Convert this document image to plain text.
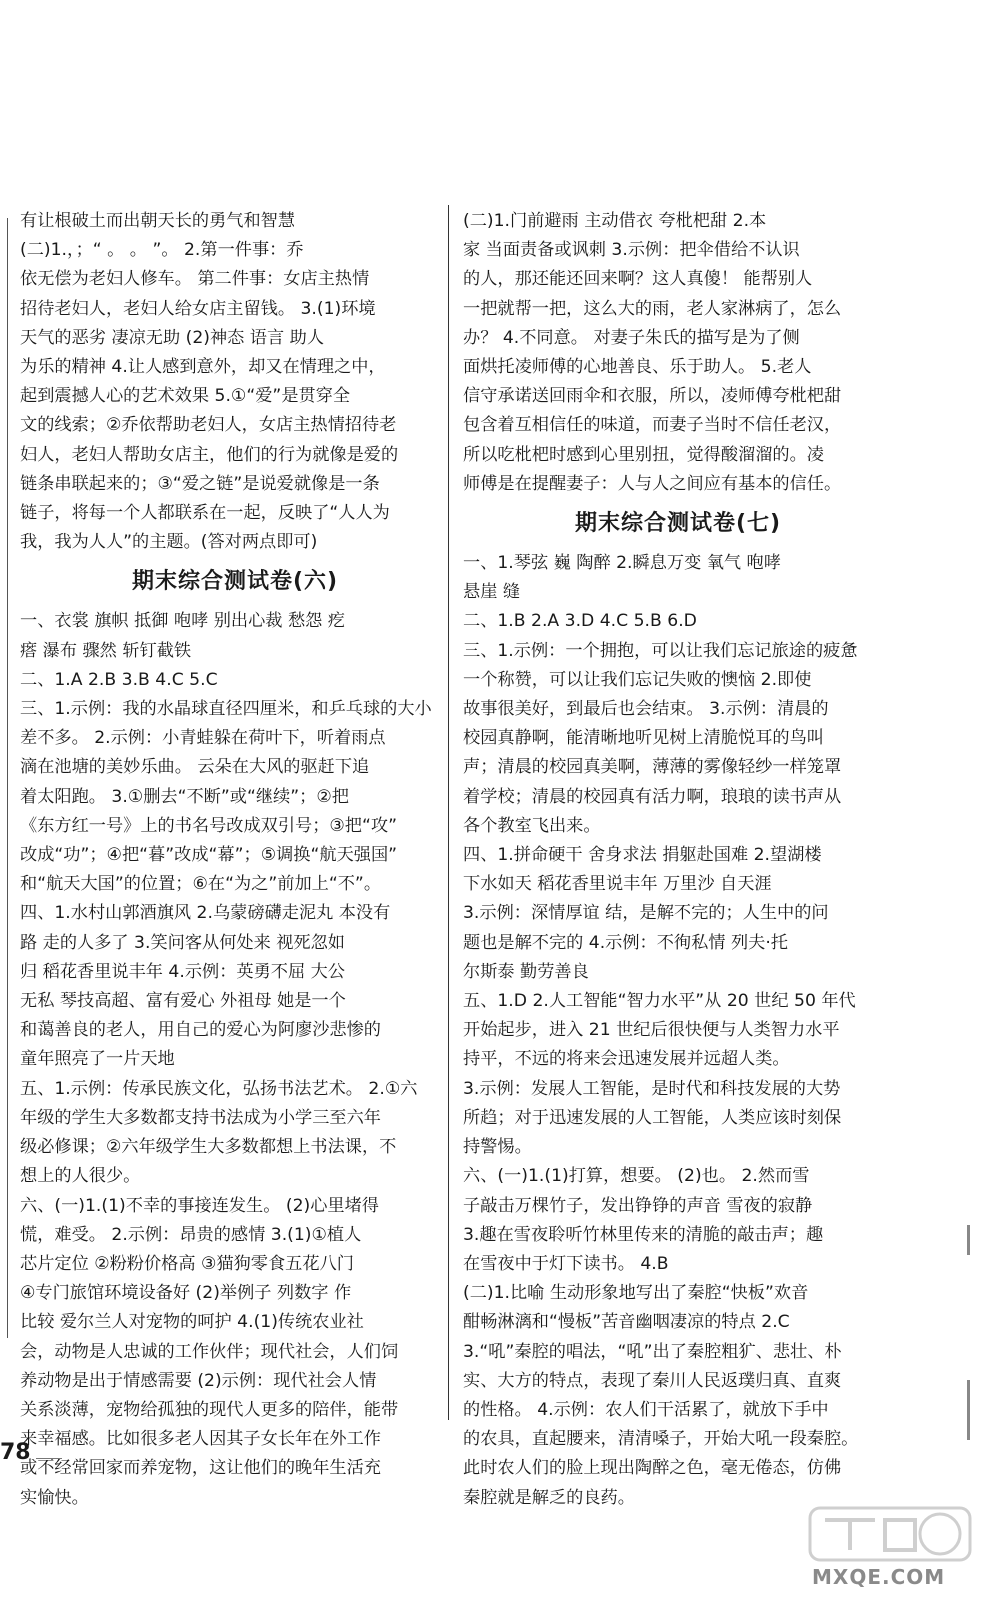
有让根破土而出朝天长的勇气和智慧
(二)1.，；“ 。 。 ”。 2.第一件事：乔
依无偿为老妇人修车。 第二件事：女店主热情
招待老妇人，老妇人给女店主留钱。 3.(1)环境
天气的恶劣 凄凉无助 (2)神态 语言 助人
为乐的精神 4.让人感到意外，却又在情理之中，
起到震撼人心的艺术效果 5.①“爱”是贯穿全
文的线索；②乔依帮助老妇人，女店主热情招待老
妇人，老妇人帮助女店主，他们的行为就像是爱的
链条串联起来的；③“爱之链”是说爱就像是一条
链子，将每一个人都联系在一起，反映了“人人为
我，我为人人”的主题。(答对两点即可)
期末综合测试卷(六)
一、衣裳 旗帜 抵御 咆哮 别出心裁 愁怨 疙
瘩 瀑布 骤然 斩钉截铁
二、1.A 2.B 3.B 4.C 5.C
三、1.示例：我的水晶球直径四厘米，和乒乓球的大小
差不多。 2.示例：小青蛙躲在荷叶下，听着雨点
滴在池塘的美妙乐曲。 云朵在大风的驱赶下追
着太阳跑。 3.①删去“不断”或“继续”；②把
《东方红一号》上的书名号改成双引号；③把“攻”
改成“功”；④把“暮”改成“幕”；⑤调换“航天强国”
和“航天大国”的位置；⑥在“为之”前加上“不”。
四、1.水村山郭酒旗风 2.乌蒙磅礴走泥丸 本没有
路 走的人多了 3.笑问客从何处来 视死忽如
归 稻花香里说丰年 4.示例：英勇不屈 大公
无私 琴技高超、富有爱心 外祖母 她是一个
和蔼善良的老人，用自己的爱心为阿廖沙悲惨的
童年照亮了一片天地
五、1.示例：传承民族文化，弘扬书法艺术。 2.①六
年级的学生大多数都支持书法成为小学三至六年
级必修课；②六年级学生大多数都想上书法课，不
想上的人很少。
六、(一)1.(1)不幸的事接连发生。 (2)心里堵得
慌，难受。 2.示例：昂贵的感情 3.(1)①植人
芯片定位 ②粉粉价格高 ③猫狗零食五花八门
④专门旅馆环境设备好 (2)举例子 列数字 作
比较 爱尔兰人对宠物的呵护 4.(1)传统农业社
会，动物是人忠诚的工作伙伴；现代社会，人们饲
养动物是出于情感需要 (2)示例：现代社会人情
关系淡薄，宠物给孤独的现代人更多的陪伴，能带
来幸福感。比如很多老人因其子女长年在外工作
或不经常回家而养宠物，这让他们的晚年生活充
实愉快。
(二)1.门前避雨 主动借衣 夸枇杷甜 2.本
家 当面责备或讽刺 3.示例：把伞借给不认识
的人，那还能还回来啊？这人真傻！ 能帮别人
一把就帮一把，这么大的雨，老人家淋病了，怎么
办？ 4.不同意。 对妻子朱氏的描写是为了侧
面烘托凌师傅的心地善良、乐于助人。 5.老人
信守承诺送回雨伞和衣服，所以，凌师傅夸枇杷甜
包含着互相信任的味道，而妻子当时不信任老汉，
所以吃枇杷时感到心里别扭，觉得酸溜溜的。凌
师傅是在提醒妻子：人与人之间应有基本的信任。
期末综合测试卷(七)
一、1.琴弦 巍 陶醉 2.瞬息万变 氧气 咆哮
悬崖 缝
二、1.B 2.A 3.D 4.C 5.B 6.D
三、1.示例：一个拥抱，可以让我们忘记旅途的疲惫
一个称赞，可以让我们忘记失败的懊恼 2.即使
故事很美好，到最后也会结束。 3.示例：清晨的
校园真静啊，能清晰地听见树上清脆悦耳的鸟叫
声；清晨的校园真美啊，薄薄的雾像轻纱一样笼罩
着学校；清晨的校园真有活力啊，琅琅的读书声从
各个教室飞出来。
四、1.拼命硬干 舍身求法 捐躯赴国难 2.望湖楼
下水如天 稻花香里说丰年 万里沙 自天涯
3.示例：深情厚谊 结，是解不完的；人生中的问
题也是解不完的 4.示例：不徇私情 列夫·托
尔斯泰 勤劳善良
五、1.D 2.人工智能“智力水平”从 20 世纪 50 年代
开始起步，进入 21 世纪后很快便与人类智力水平
持平，不远的将来会迅速发展并远超人类。
3.示例：发展人工智能，是时代和科技发展的大势
所趋；对于迅速发展的人工智能，人类应该时刻保
持警惕。
六、(一)1.(1)打算，想要。 (2)也。 2.然而雪
子敲击万棵竹子，发出铮铮的声音 雪夜的寂静
3.趣在雪夜聆听竹林里传来的清脆的敲击声；趣
在雪夜中于灯下读书。 4.B
(二)1.比喻 生动形象地写出了秦腔“快板”欢音
酣畅淋漓和“慢板”苦音幽咽凄凉的特点 2.C
3.“吼”秦腔的唱法，“吼”出了秦腔粗犷、悲壮、朴
实、大方的特点，表现了秦川人民返璞归真、直爽
的性格。 4.示例：农人们干活累了，就放下手中
的农具，直起腰来，清清嗓子，开始大吼一段秦腔。
此时农人们的脸上现出陶醉之色，毫无倦态，仿佛
秦腔就是解乏的良药。
78
MXQE.COM
